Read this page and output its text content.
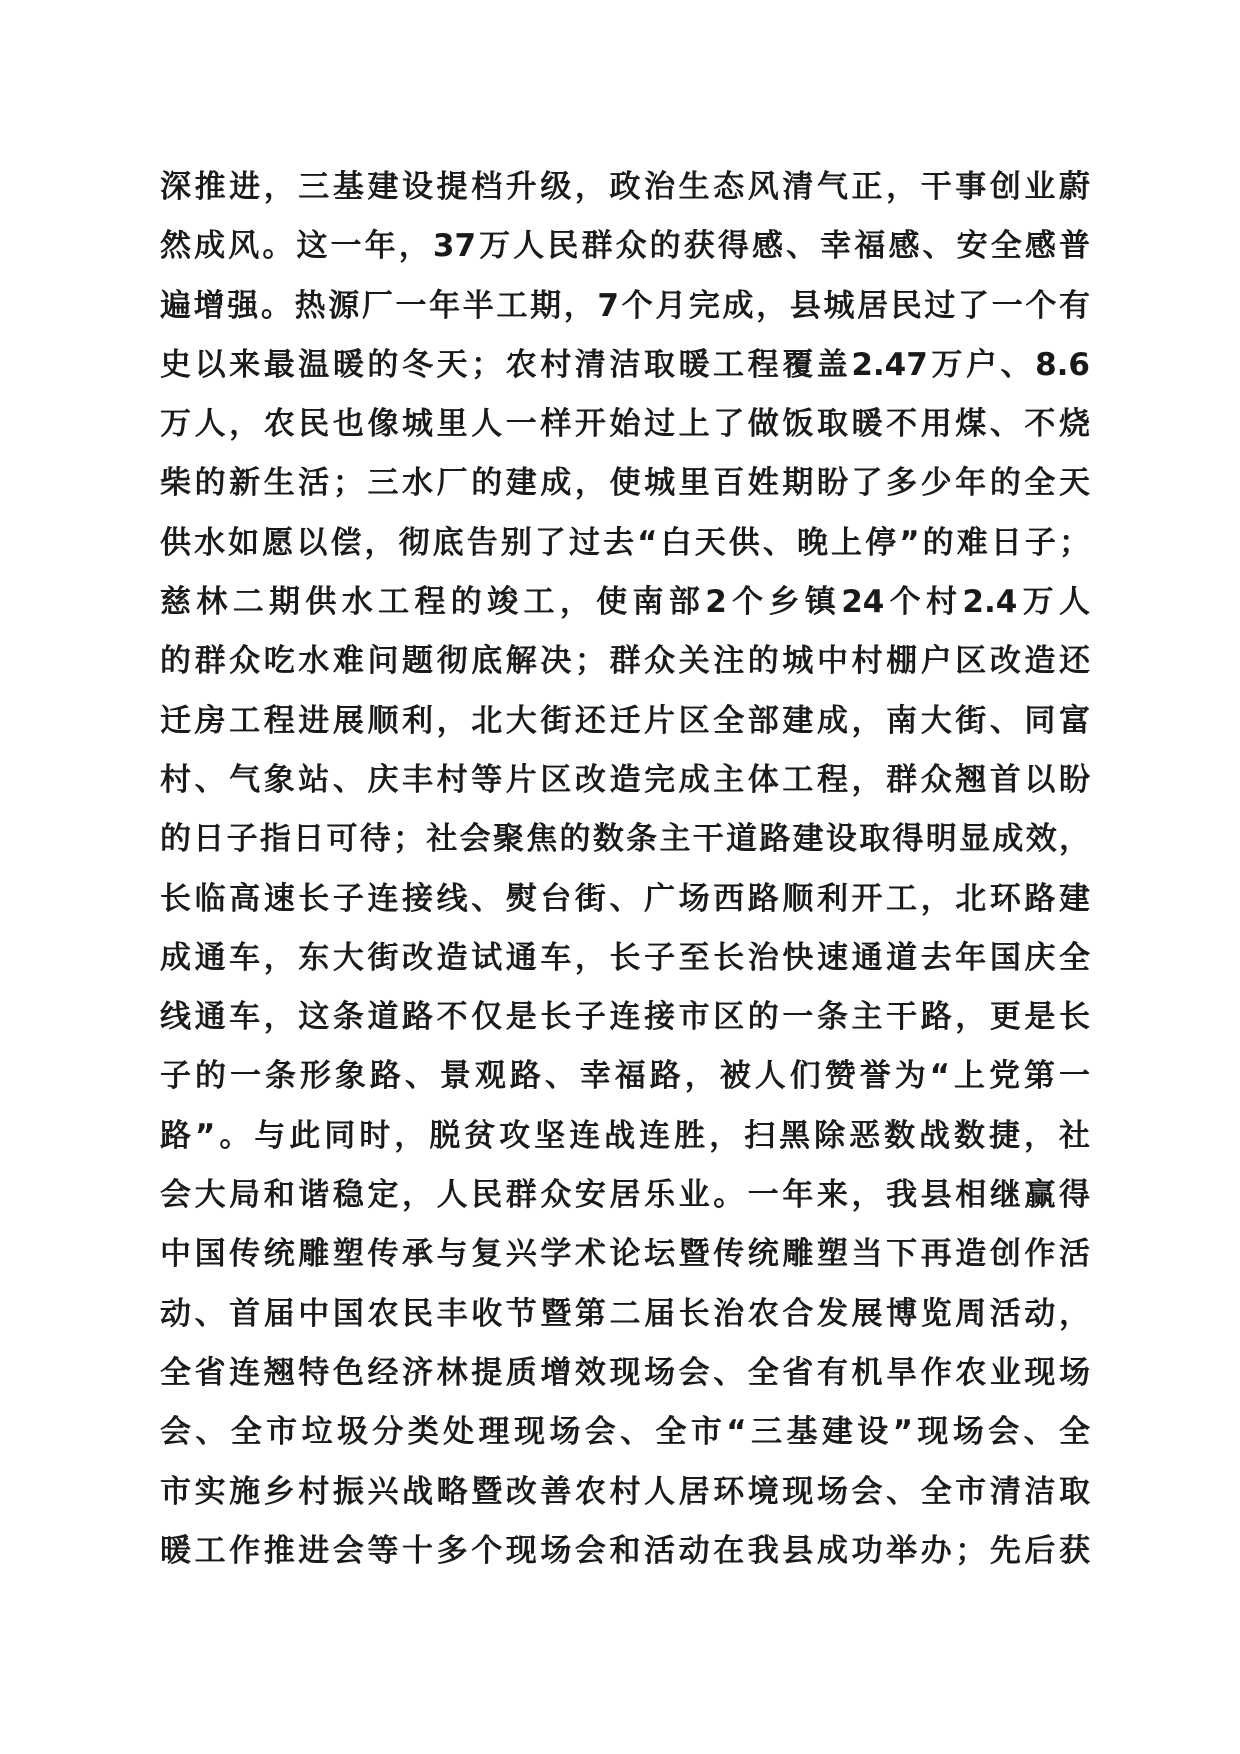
深推进，三基建设提档升级，政治生态风清气正，干事创业蔚
然成风。这一年，37万人民群众的获得感、幸福感、安全感普
遍增强。热源厂一年半工期，7个月完成，县城居民过了一个有
史以来最温暖的冬天；农村清洁取暖工程覆盖2.47万户、8.6
万人，农民也像城里人一样开始过上了做饭取暖不用煤、不烧
柴的新生活；三水厂的建成，使城里百姓期盼了多少年的全天
供水如愿以偿，彻底告别了过去“白天供、晚上停”的难日子；
慈林二期供水工程的竣工，使南部2个乡镇24个村2.4万人
的群众吃水难问题彻底解决；群众关注的城中村棚户区改造还
迁房工程进展顺利，北大街还迁片区全部建成，南大街、同富
村、气象站、庆丰村等片区改造完成主体工程，群众翘首以盼
的日子指日可待；社会聚焦的数条主干道路建设取得明显成效，
长临高速长子连接线、熨台街、广场西路顺利开工，北环路建
成通车，东大街改造试通车，长子至长治快速通道去年国庆全
线通车，这条道路不仅是长子连接市区的一条主干路，更是长
子的一条形象路、景观路、幸福路，被人们赞誉为“上党第一
路”。与此同时，脱贫攻坚连战连胜，扫黑除恶数战数捷，社
会大局和谐稳定，人民群众安居乐业。一年来，我县相继赢得
中国传统雕塑传承与复兴学术论坛暨传统雕塑当下再造创作活
动、首届中国农民丰收节暨第二届长治农合发展博览周活动，
全省连翘特色经济林提质增效现场会、全省有机旱作农业现场
会、全市垃圾分类处理现场会、全市“三基建设”现场会、全
市实施乡村振兴战略暨改善农村人居环境现场会、全市清洁取
暖工作推进会等十多个现场会和活动在我县成功举办；先后获
